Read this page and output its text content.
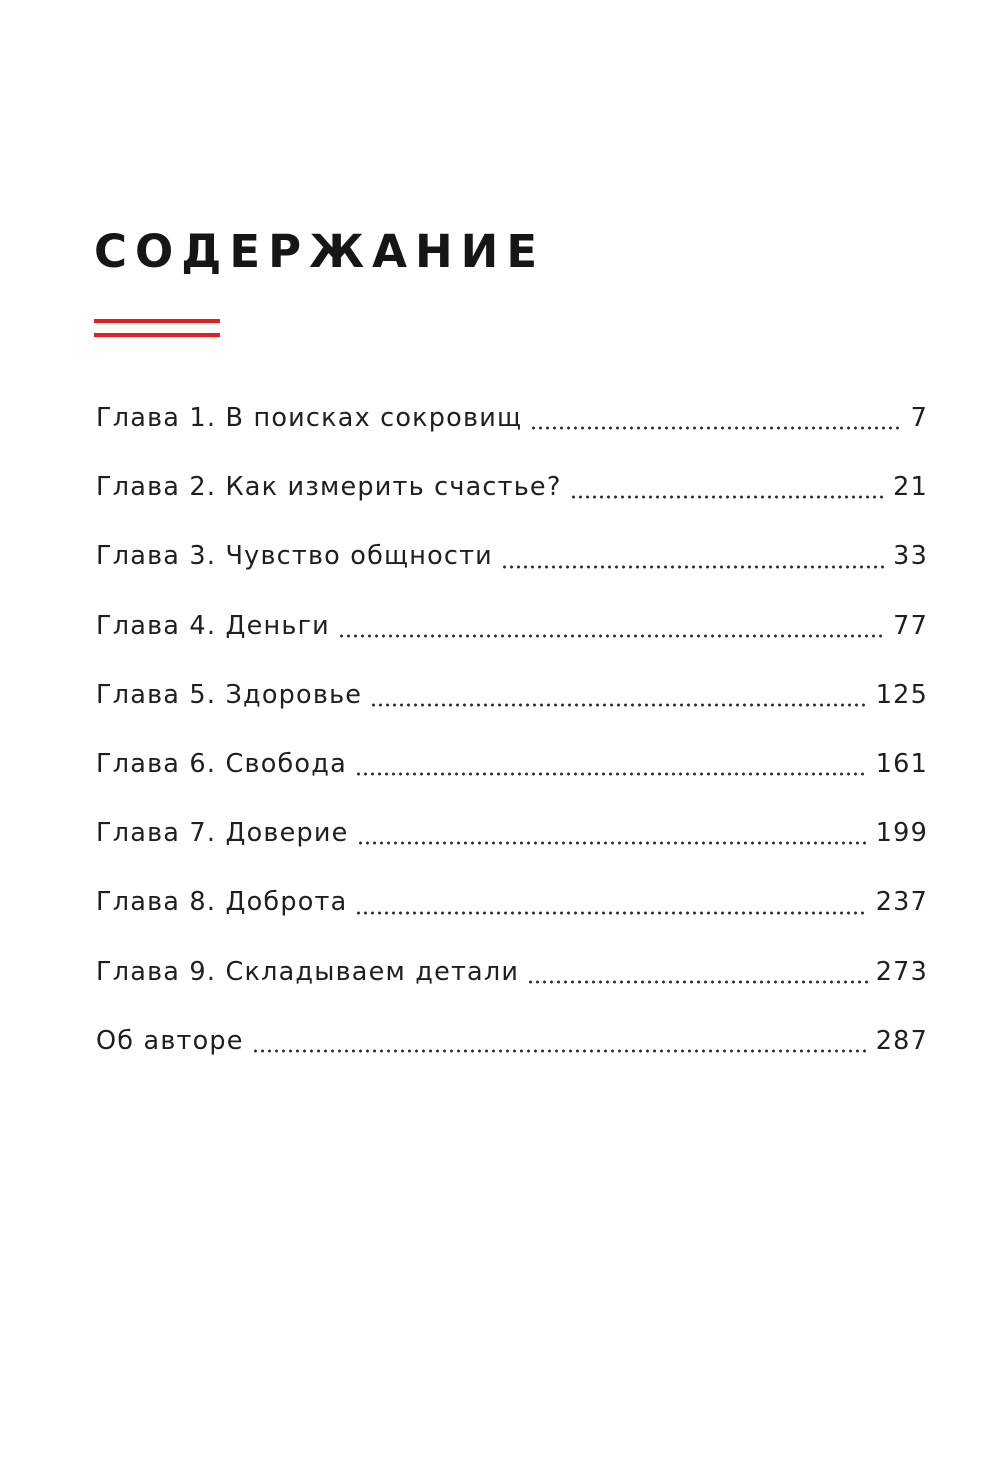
СОДЕРЖАНИЕ
Глава 1. В поисках сокровищ	7
Глава 2. Как измерить счастье?	21
Глава 3. Чувство общности	33
Глава 4. Деньги	77
Глава 5. Здоровье	125
Глава 6. Свобода	161
Глава 7. Доверие	199
Глава 8. Доброта	237
Глава 9. Складываем детали	273
Об авторе	287
